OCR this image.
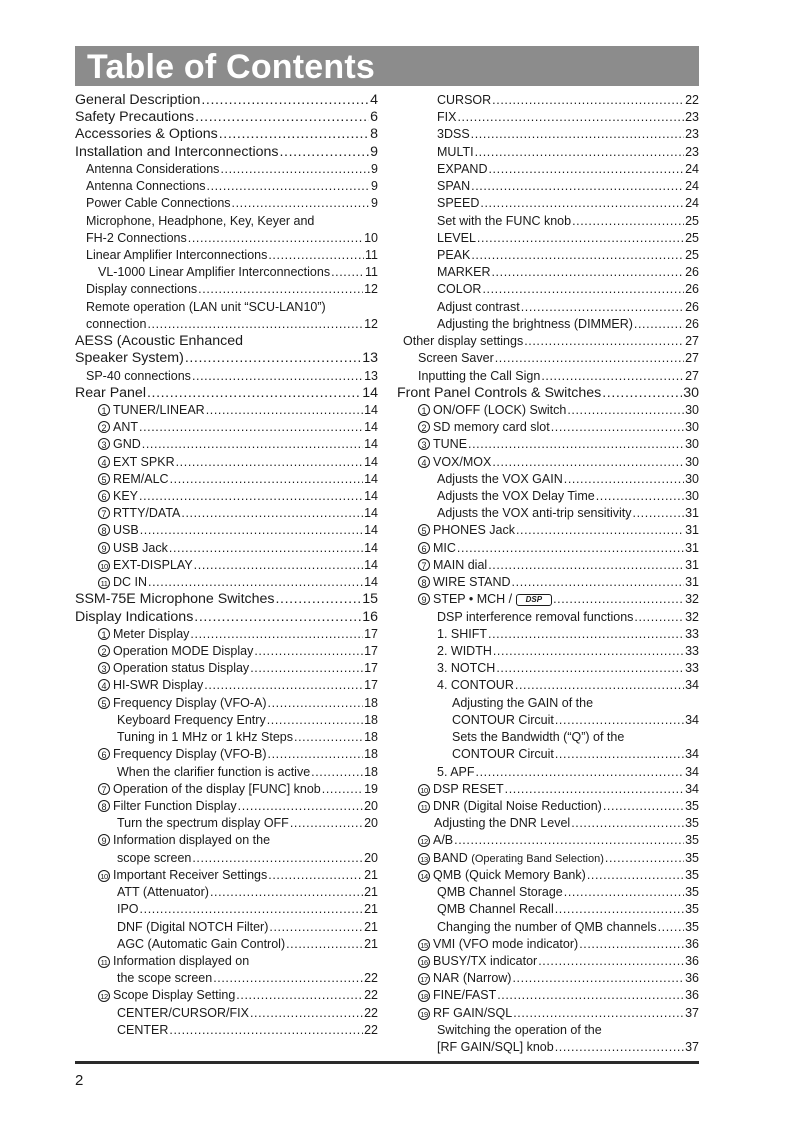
Table of Contents
General Description .....	4
Safety Precautions .....	6
Accessories & Options .....	8
Installation and Interconnections .....	9
Antenna Considerations .....	9
Antenna Connections .....	9
Power Cable Connections .....	9
Microphone, Headphone, Key, Keyer and
FH-2 Connections .....	10
Linear Amplifier Interconnections .....	11
VL-1000 Linear Amplifier Interconnections .....	11
Display connections .....	12
Remote operation (LAN unit “SCU-LAN10”)
connection .....	12
AESS (Acoustic Enhanced
Speaker System) .....	13
SP-40 connections .....	13
Rear Panel .....	14
1 TUNER/LINEAR .....	14
2 ANT .....	14
3 GND .....	14
4 EXT SPKR .....	14
5 REM/ALC .....	14
6 KEY .....	14
7 RTTY/DATA .....	14
8 USB .....	14
9 USB Jack .....	14
10 EXT-DISPLAY .....	14
11 DC IN .....	14
SSM-75E Microphone Switches .....	15
Display Indications .....	16
1 Meter Display .....	17
2 Operation MODE Display .....	17
3 Operation status Display .....	17
4 HI-SWR Display .....	17
5 Frequency Display (VFO-A) .....	18
Keyboard Frequency Entry .....	18
Tuning in 1 MHz or 1 kHz Steps .....	18
6 Frequency Display (VFO-B) .....	18
When the clarifier function is active .....	18
7 Operation of the display [FUNC] knob .....	19
8 Filter Function Display .....	20
Turn the spectrum display OFF .....	20
9 Information displayed on the
scope screen .....	20
10 Important Receiver Settings .....	21
ATT (Attenuator) .....	21
IPO .....	21
DNF (Digital NOTCH Filter) .....	21
AGC (Automatic Gain Control) .....	21
11 Information displayed on
the scope screen .....	22
12 Scope Display Setting .....	22
CENTER/CURSOR/FIX .....	22
CENTER .....	22
CURSOR .....	22
FIX .....	23
3DSS .....	23
MULTI .....	23
EXPAND .....	24
SPAN .....	24
SPEED .....	24
Set with the FUNC knob .....	25
LEVEL .....	25
PEAK .....	25
MARKER .....	26
COLOR .....	26
Adjust contrast .....	26
Adjusting the brightness (DIMMER) .....	26
Other display settings .....	27
Screen Saver .....	27
Inputting the Call Sign .....	27
Front Panel Controls & Switches .....	30
1 ON/OFF (LOCK) Switch .....	30
2 SD memory card slot .....	30
3 TUNE .....	30
4 VOX/MOX .....	30
Adjusts the VOX GAIN .....	30
Adjusts the VOX Delay Time .....	30
Adjusts the VOX anti-trip sensitivity .....	31
5 PHONES Jack .....	31
6 MIC .....	31
7 MAIN dial .....	31
8 WIRE STAND .....	31
9 STEP • MCH / DSP .....	32
DSP interference removal functions .....	32
1. SHIFT .....	33
2. WIDTH .....	33
3. NOTCH .....	33
4. CONTOUR .....	34
Adjusting the GAIN of the
CONTOUR Circuit .....	34
Sets the Bandwidth (“Q”) of the
CONTOUR Circuit .....	34
5. APF .....	34
10 DSP RESET .....	34
11 DNR (Digital Noise Reduction) .....	35
Adjusting the DNR Level .....	35
12 A/B .....	35
13 BAND (Operating Band Selection) .....	35
14 QMB (Quick Memory Bank) .....	35
QMB Channel Storage .....	35
QMB Channel Recall .....	35
Changing the number of QMB channels ..... 35
15 VMI (VFO mode indicator) .....	36
16 BUSY/TX indicator .....	36
17 NAR (Narrow) .....	36
18 FINE/FAST .....	36
19 RF GAIN/SQL .....	37
Switching the operation of the
[RF GAIN/SQL] knob .....	37
2
